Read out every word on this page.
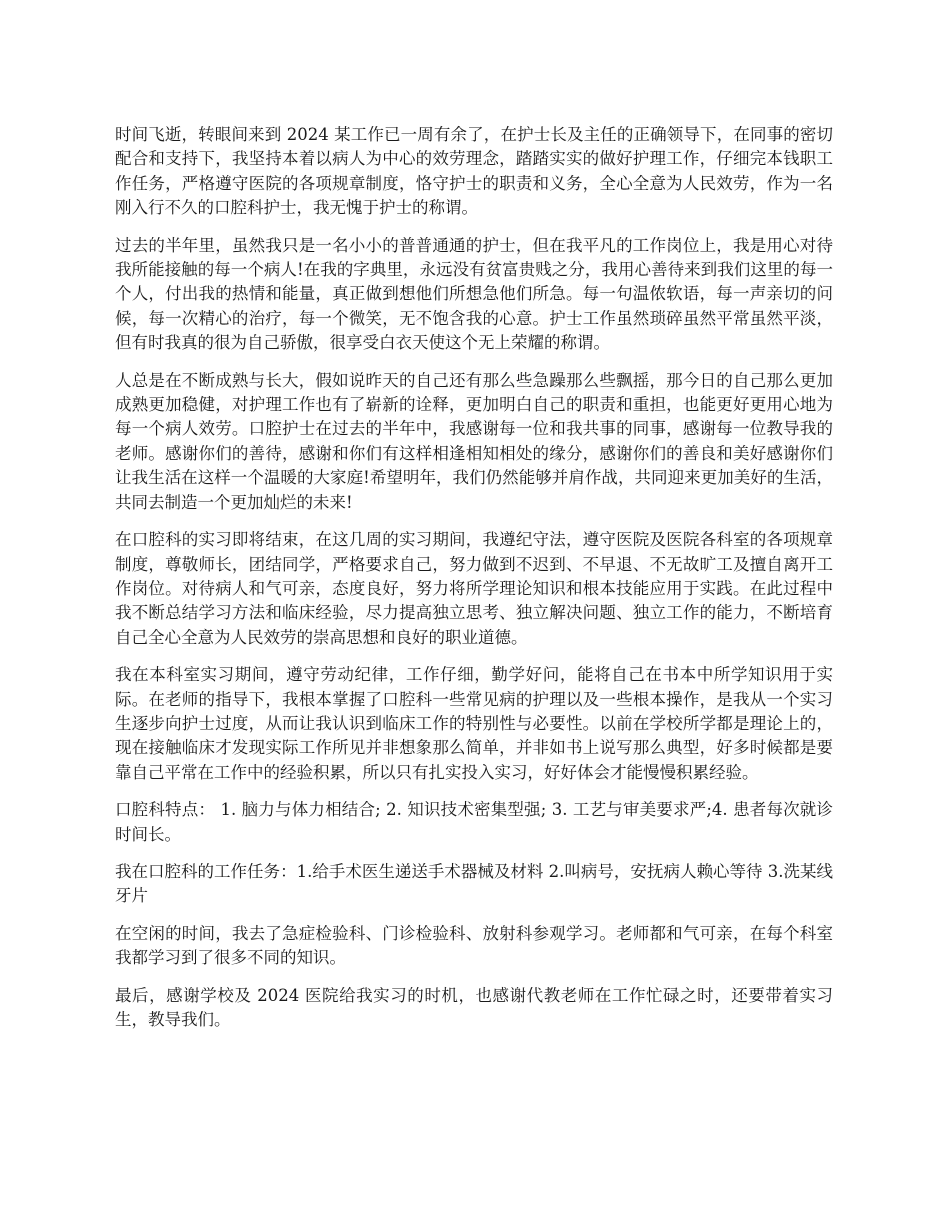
时间飞逝，转眼间来到 2024 某工作已一周有余了，在护士长及主任的正确领导下，在同事的密切配合和支持下，我坚持本着以病人为中心的效劳理念，踏踏实实的做好护理工作，仔细完本钱职工作任务，严格遵守医院的各项规章制度，恪守护士的职责和义务，全心全意为人民效劳，作为一名刚入行不久的口腔科护士，我无愧于护士的称谓。

过去的半年里，虽然我只是一名小小的普普通通的护士，但在我平凡的工作岗位上，我是用心对待我所能接触的每一个病人!在我的字典里，永远没有贫富贵贱之分，我用心善待来到我们这里的每一个人，付出我的热情和能量，真正做到想他们所想急他们所急。每一句温侬软语，每一声亲切的问候，每一次精心的治疗，每一个微笑，无不饱含我的心意。护士工作虽然琐碎虽然平常虽然平淡，但有时我真的很为自己骄傲，很享受白衣天使这个无上荣耀的称谓。

人总是在不断成熟与长大，假如说昨天的自己还有那么些急躁那么些飘摇，那今日的自己那么更加成熟更加稳健，对护理工作也有了崭新的诠释，更加明白自己的职责和重担，也能更好更用心地为每一个病人效劳。口腔护士在过去的半年中，我感谢每一位和我共事的同事，感谢每一位教导我的老师。感谢你们的善待，感谢和你们有这样相逢相知相处的缘分，感谢你们的善良和美好感谢你们让我生活在这样一个温暖的大家庭!希望明年，我们仍然能够并肩作战，共同迎来更加美好的生活，共同去制造一个更加灿烂的未来!

在口腔科的实习即将结束，在这几周的实习期间，我遵纪守法，遵守医院及医院各科室的各项规章制度，尊敬师长，团结同学，严格要求自己，努力做到不迟到、不早退、不无故旷工及擅自离开工作岗位。对待病人和气可亲，态度良好，努力将所学理论知识和根本技能应用于实践。在此过程中我不断总结学习方法和临床经验，尽力提高独立思考、独立解决问题、独立工作的能力，不断培育自己全心全意为人民效劳的崇高思想和良好的职业道德。

我在本科室实习期间，遵守劳动纪律，工作仔细，勤学好问，能将自己在书本中所学知识用于实际。在老师的指导下，我根本掌握了口腔科一些常见病的护理以及一些根本操作，是我从一个实习生逐步向护士过度，从而让我认识到临床工作的特别性与必要性。以前在学校所学都是理论上的，现在接触临床才发现实际工作所见并非想象那么简单，并非如书上说写那么典型，好多时候都是要靠自己平常在工作中的经验积累，所以只有扎实投入实习，好好体会才能慢慢积累经验。

口腔科特点： 1. 脑力与体力相结合; 2. 知识技术密集型强; 3. 工艺与审美要求严;4. 患者每次就诊时间长。

我在口腔科的工作任务：1.给手术医生递送手术器械及材料 2.叫病号，安抚病人赖心等待 3.洗某线牙片

在空闲的时间，我去了急症检验科、门诊检验科、放射科参观学习。老师都和气可亲，在每个科室我都学习到了很多不同的知识。

最后，感谢学校及 2024 医院给我实习的时机，也感谢代教老师在工作忙碌之时，还要带着实习生，教导我们。
